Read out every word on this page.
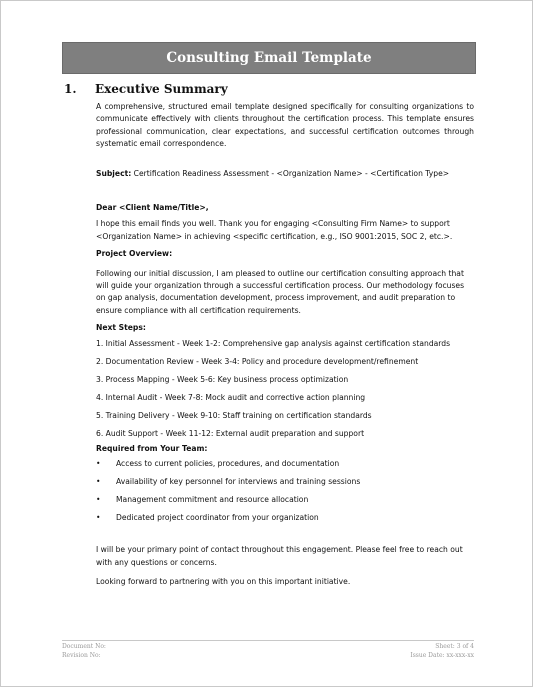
Consulting Email Template
1. Executive Summary

A comprehensive, structured email template designed specifically for consulting organizations to communicate effectively with clients throughout the certification process. This template ensures professional communication, clear expectations, and successful certification outcomes through systematic email correspondence.

Subject: Certification Readiness Assessment - <Organization Name> - <Certification Type>

Dear <Client Name/Title>,

I hope this email finds you well. Thank you for engaging <Consulting Firm Name> to support <Organization Name> in achieving <specific certification, e.g., ISO 9001:2015, SOC 2, etc.>.

Project Overview:

Following our initial discussion, I am pleased to outline our certification consulting approach that will guide your organization through a successful certification process. Our methodology focuses on gap analysis, documentation development, process improvement, and audit preparation to ensure compliance with all certification requirements.

Next Steps:

1. Initial Assessment - Week 1-2: Comprehensive gap analysis against certification standards
2. Documentation Review - Week 3-4: Policy and procedure development/refinement
3. Process Mapping - Week 5-6: Key business process optimization
4. Internal Audit - Week 7-8: Mock audit and corrective action planning
5. Training Delivery - Week 9-10: Staff training on certification standards
6. Audit Support - Week 11-12: External audit preparation and support

Required from Your Team:

• Access to current policies, procedures, and documentation
• Availability of key personnel for interviews and training sessions
• Management commitment and resource allocation
• Dedicated project coordinator from your organization

I will be your primary point of contact throughout this engagement. Please feel free to reach out with any questions or concerns.

Looking forward to partnering with you on this important initiative.

Document No:	Sheet: 3 of 4
Revision No:	Issue Date: xx-xxx-xx
